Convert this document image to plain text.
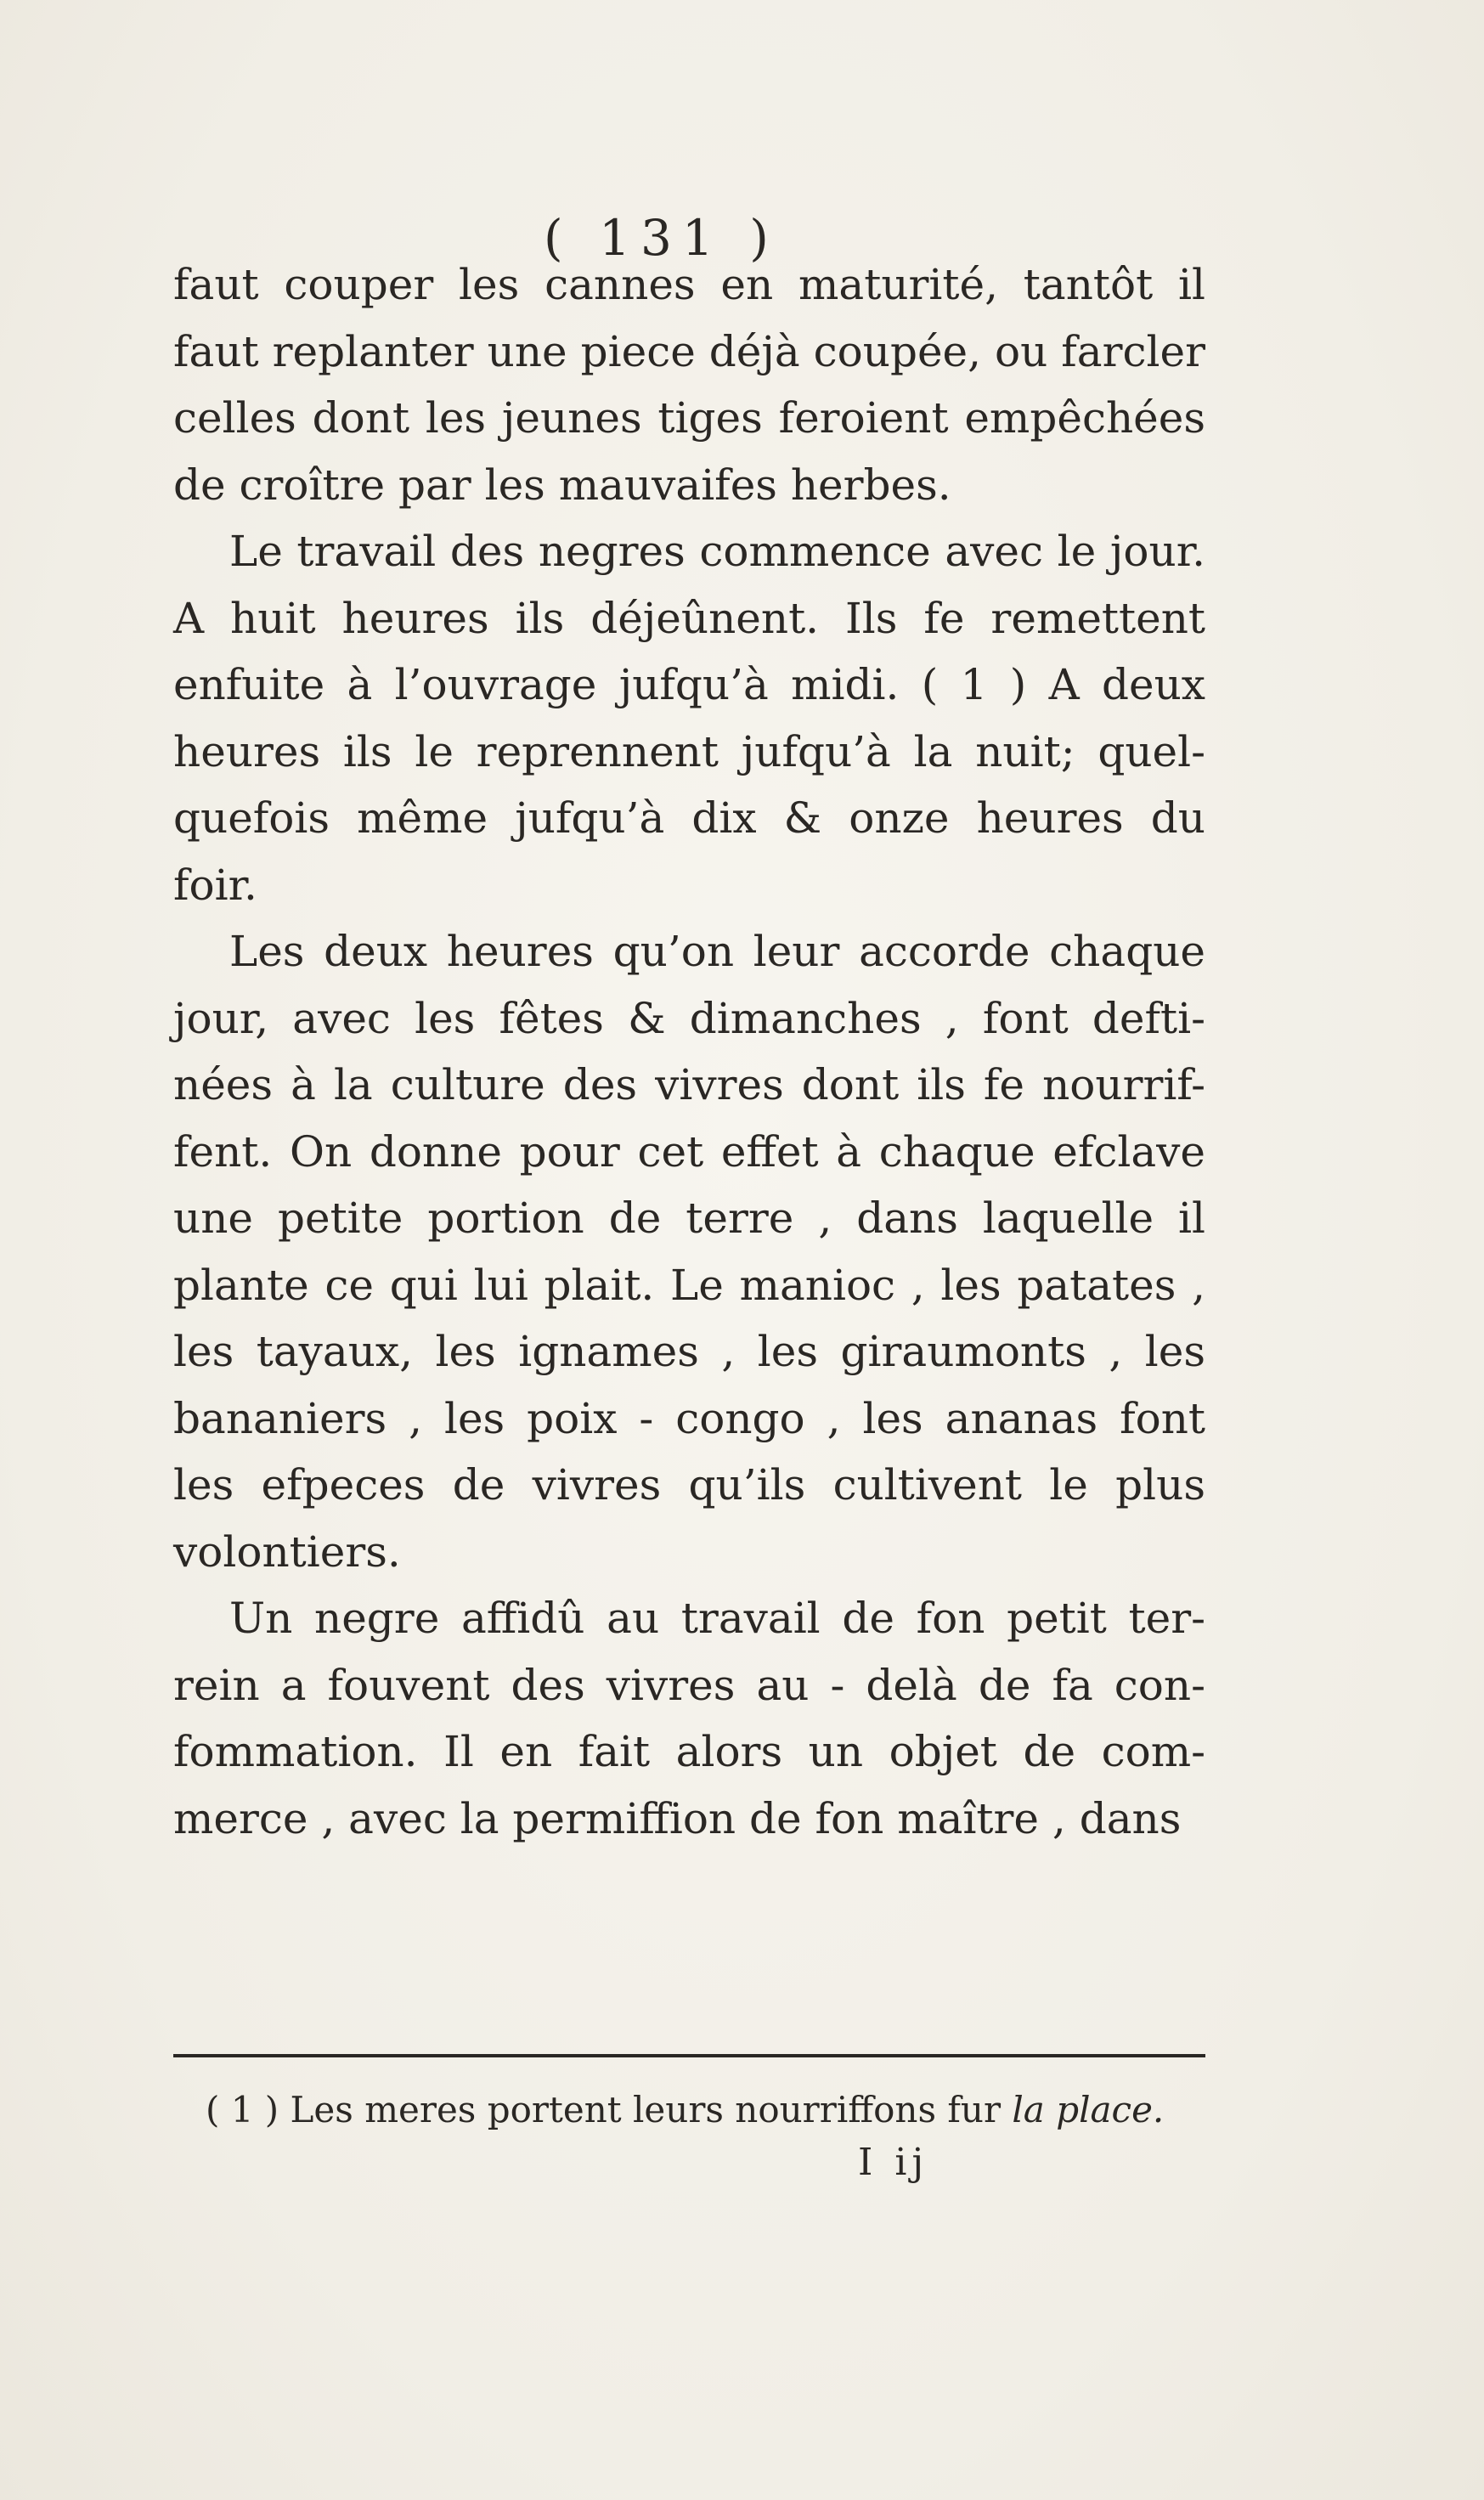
( 131 )
faut couper les cannes en maturité, tantôt il
faut replanter une piece déjà coupée, ou farcler
celles dont les jeunes tiges feroient empêchées
de croître par les mauvaifes herbes.
Le travail des negres commence avec le jour.
A huit heures ils déjeûnent. Ils fe remettent
enfuite à l’ouvrage jufqu’à midi. ( 1 ) A deux
heures ils le reprennent jufqu’à la nuit; quel-
quefois même jufqu’à dix & onze heures du
foir.
Les deux heures qu’on leur accorde chaque
jour, avec les fêtes & dimanches , font defti-
nées à la culture des vivres dont ils fe nourrif-
fent. On donne pour cet effet à chaque efclave
une petite portion de terre , dans laquelle il
plante ce qui lui plait. Le manioc , les patates ,
les tayaux, les ignames , les giraumonts , les
bananiers , les poix - congo , les ananas font
les efpeces de vivres qu’ils cultivent le plus
volontiers.
Un negre affidû au travail de fon petit ter-
rein a fouvent des vivres au - delà de fa con-
fommation. Il en fait alors un objet de com-
merce , avec la permiffion de fon maître , dans
( 1 ) Les meres portent leurs nourriffons fur la place.
I ij
